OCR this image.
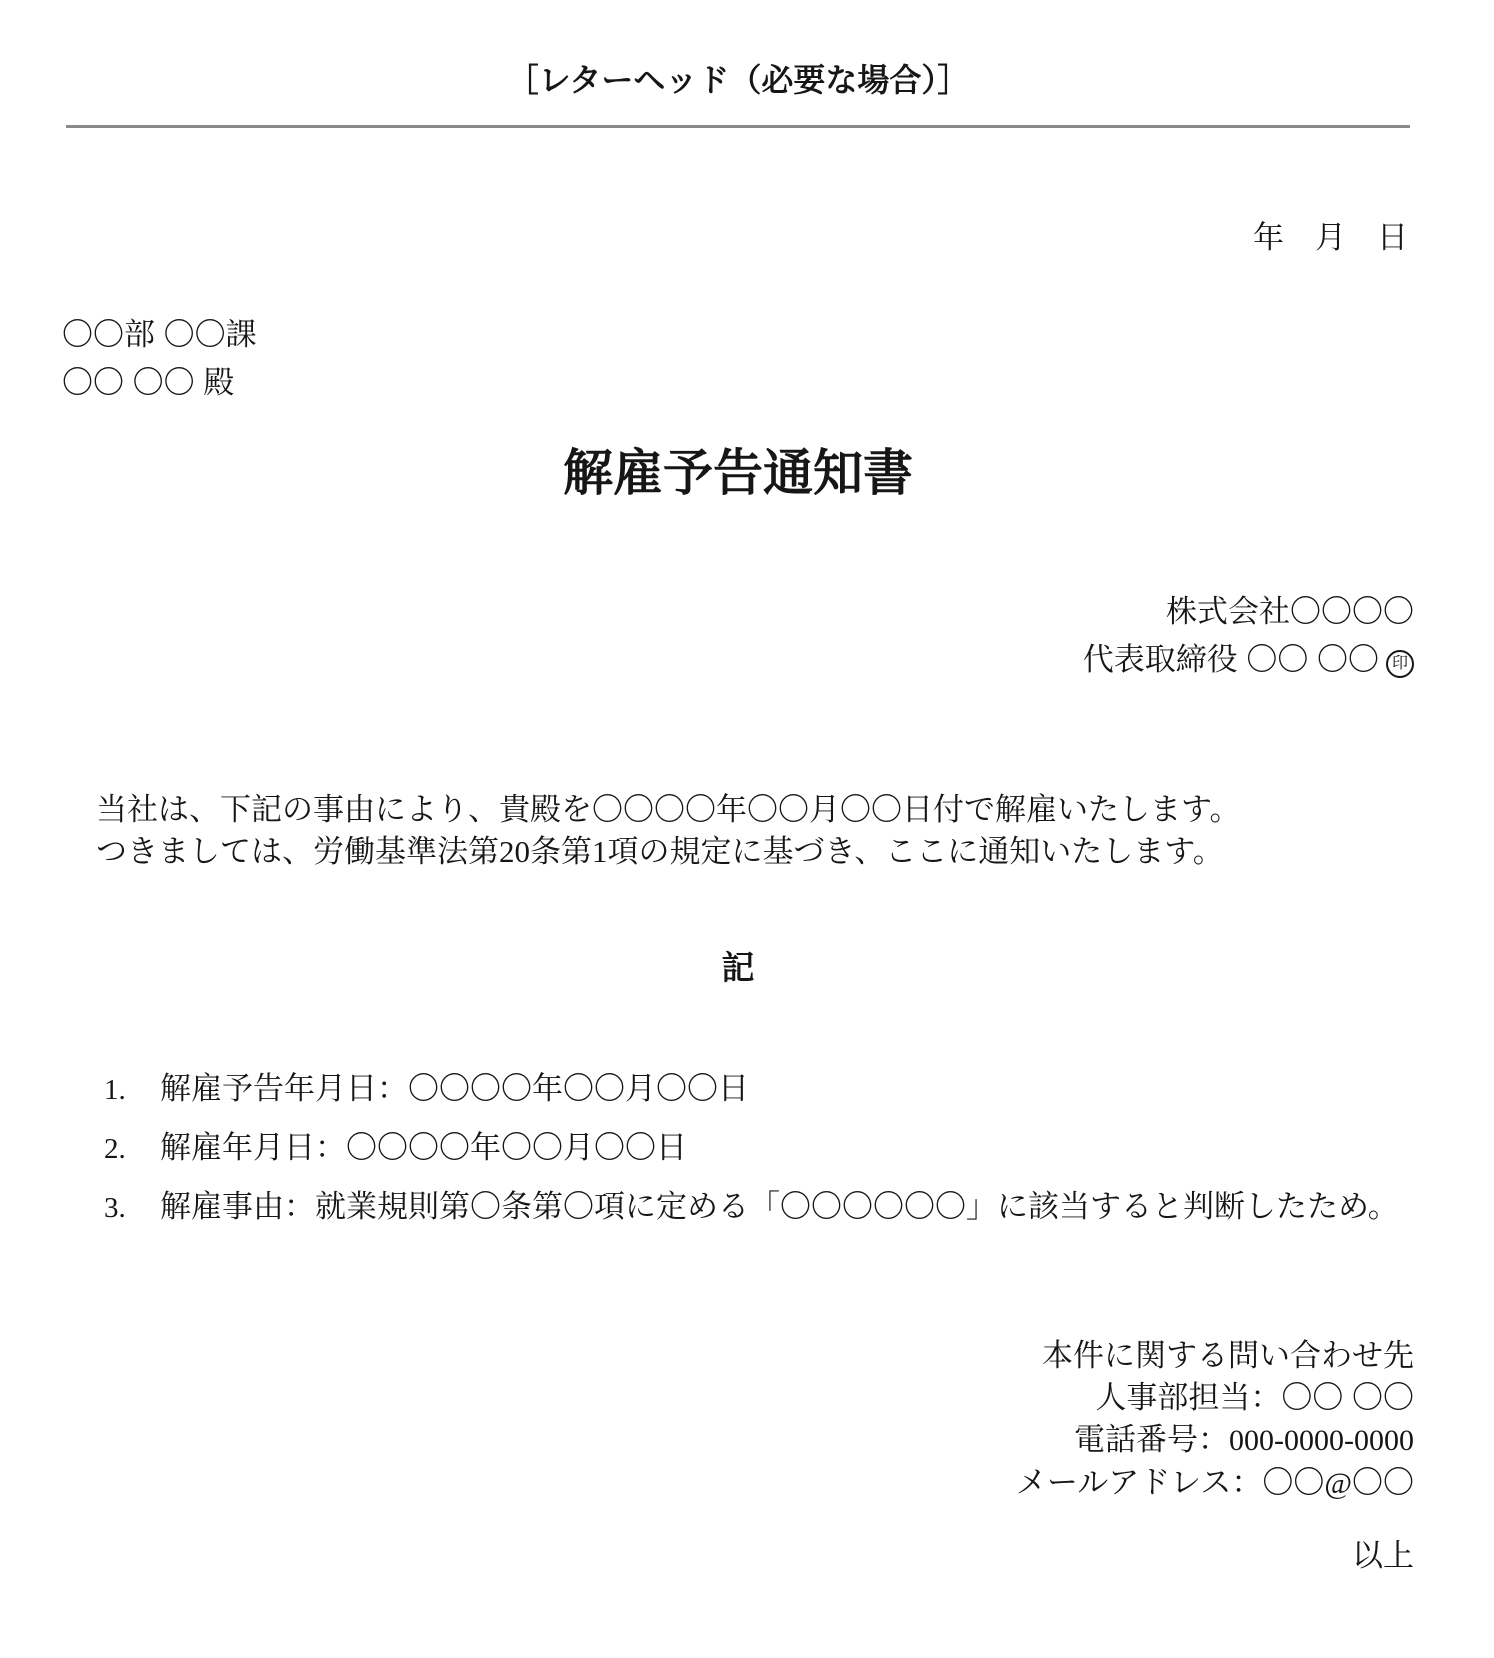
［レターヘッド（必要な場合）］
年　月　日
〇〇部 〇〇課
〇〇 〇〇 殿
解雇予告通知書
株式会社〇〇〇〇
代表取締役 〇〇 〇〇 印
当社は、下記の事由により、貴殿を〇〇〇〇年〇〇月〇〇日付で解雇いたします。
つきましては、労働基準法第20条第1項の規定に基づき、ここに通知いたします。
記
1.	解雇予告年月日：〇〇〇〇年〇〇月〇〇日
2.	解雇年月日：〇〇〇〇年〇〇月〇〇日
3.	解雇事由：就業規則第〇条第〇項に定める「〇〇〇〇〇〇」に該当すると判断したため。
本件に関する問い合わせ先
人事部担当：〇〇 〇〇
電話番号：000-0000-0000
メールアドレス：〇〇@〇〇
以上
